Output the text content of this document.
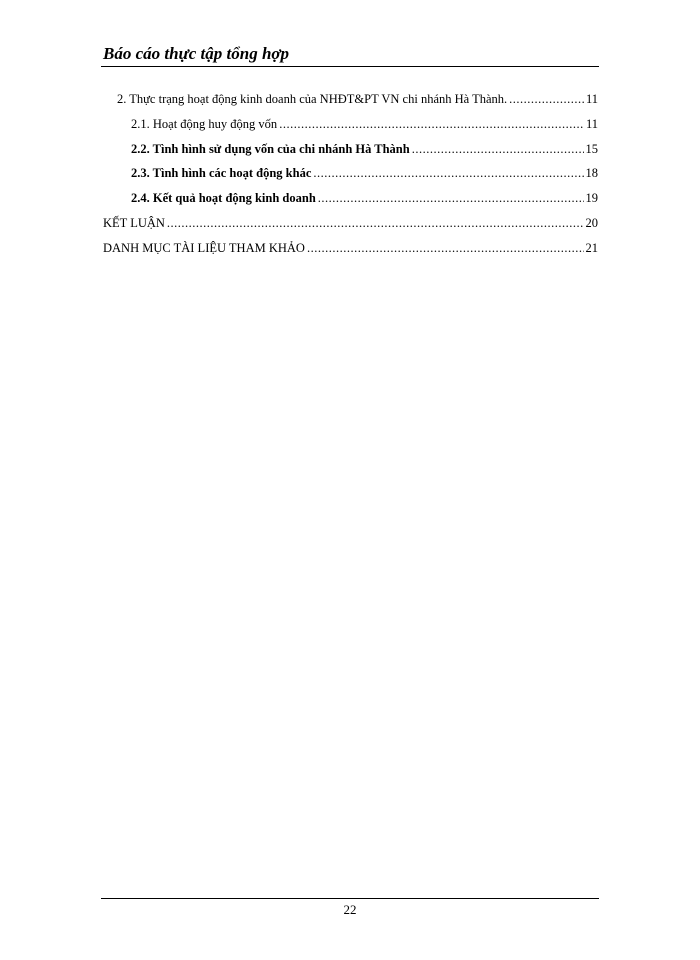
Báo cáo thực tập tổng hợp
2. Thực trạng hoạt động kinh doanh của NHĐT&PT VN chi nhánh Hà Thành. .....	11
2.1. Hoạt động huy động vốn .....	11
2.2. Tình hình sử dụng vốn của chi nhánh Hà Thành .....	15
2.3. Tình hình các hoạt động khác .....	18
2.4. Kết quả hoạt động kinh doanh .....	19
KẾT LUẬN .....	20
DANH MỤC TÀI LIỆU THAM KHẢO .....	21
22
